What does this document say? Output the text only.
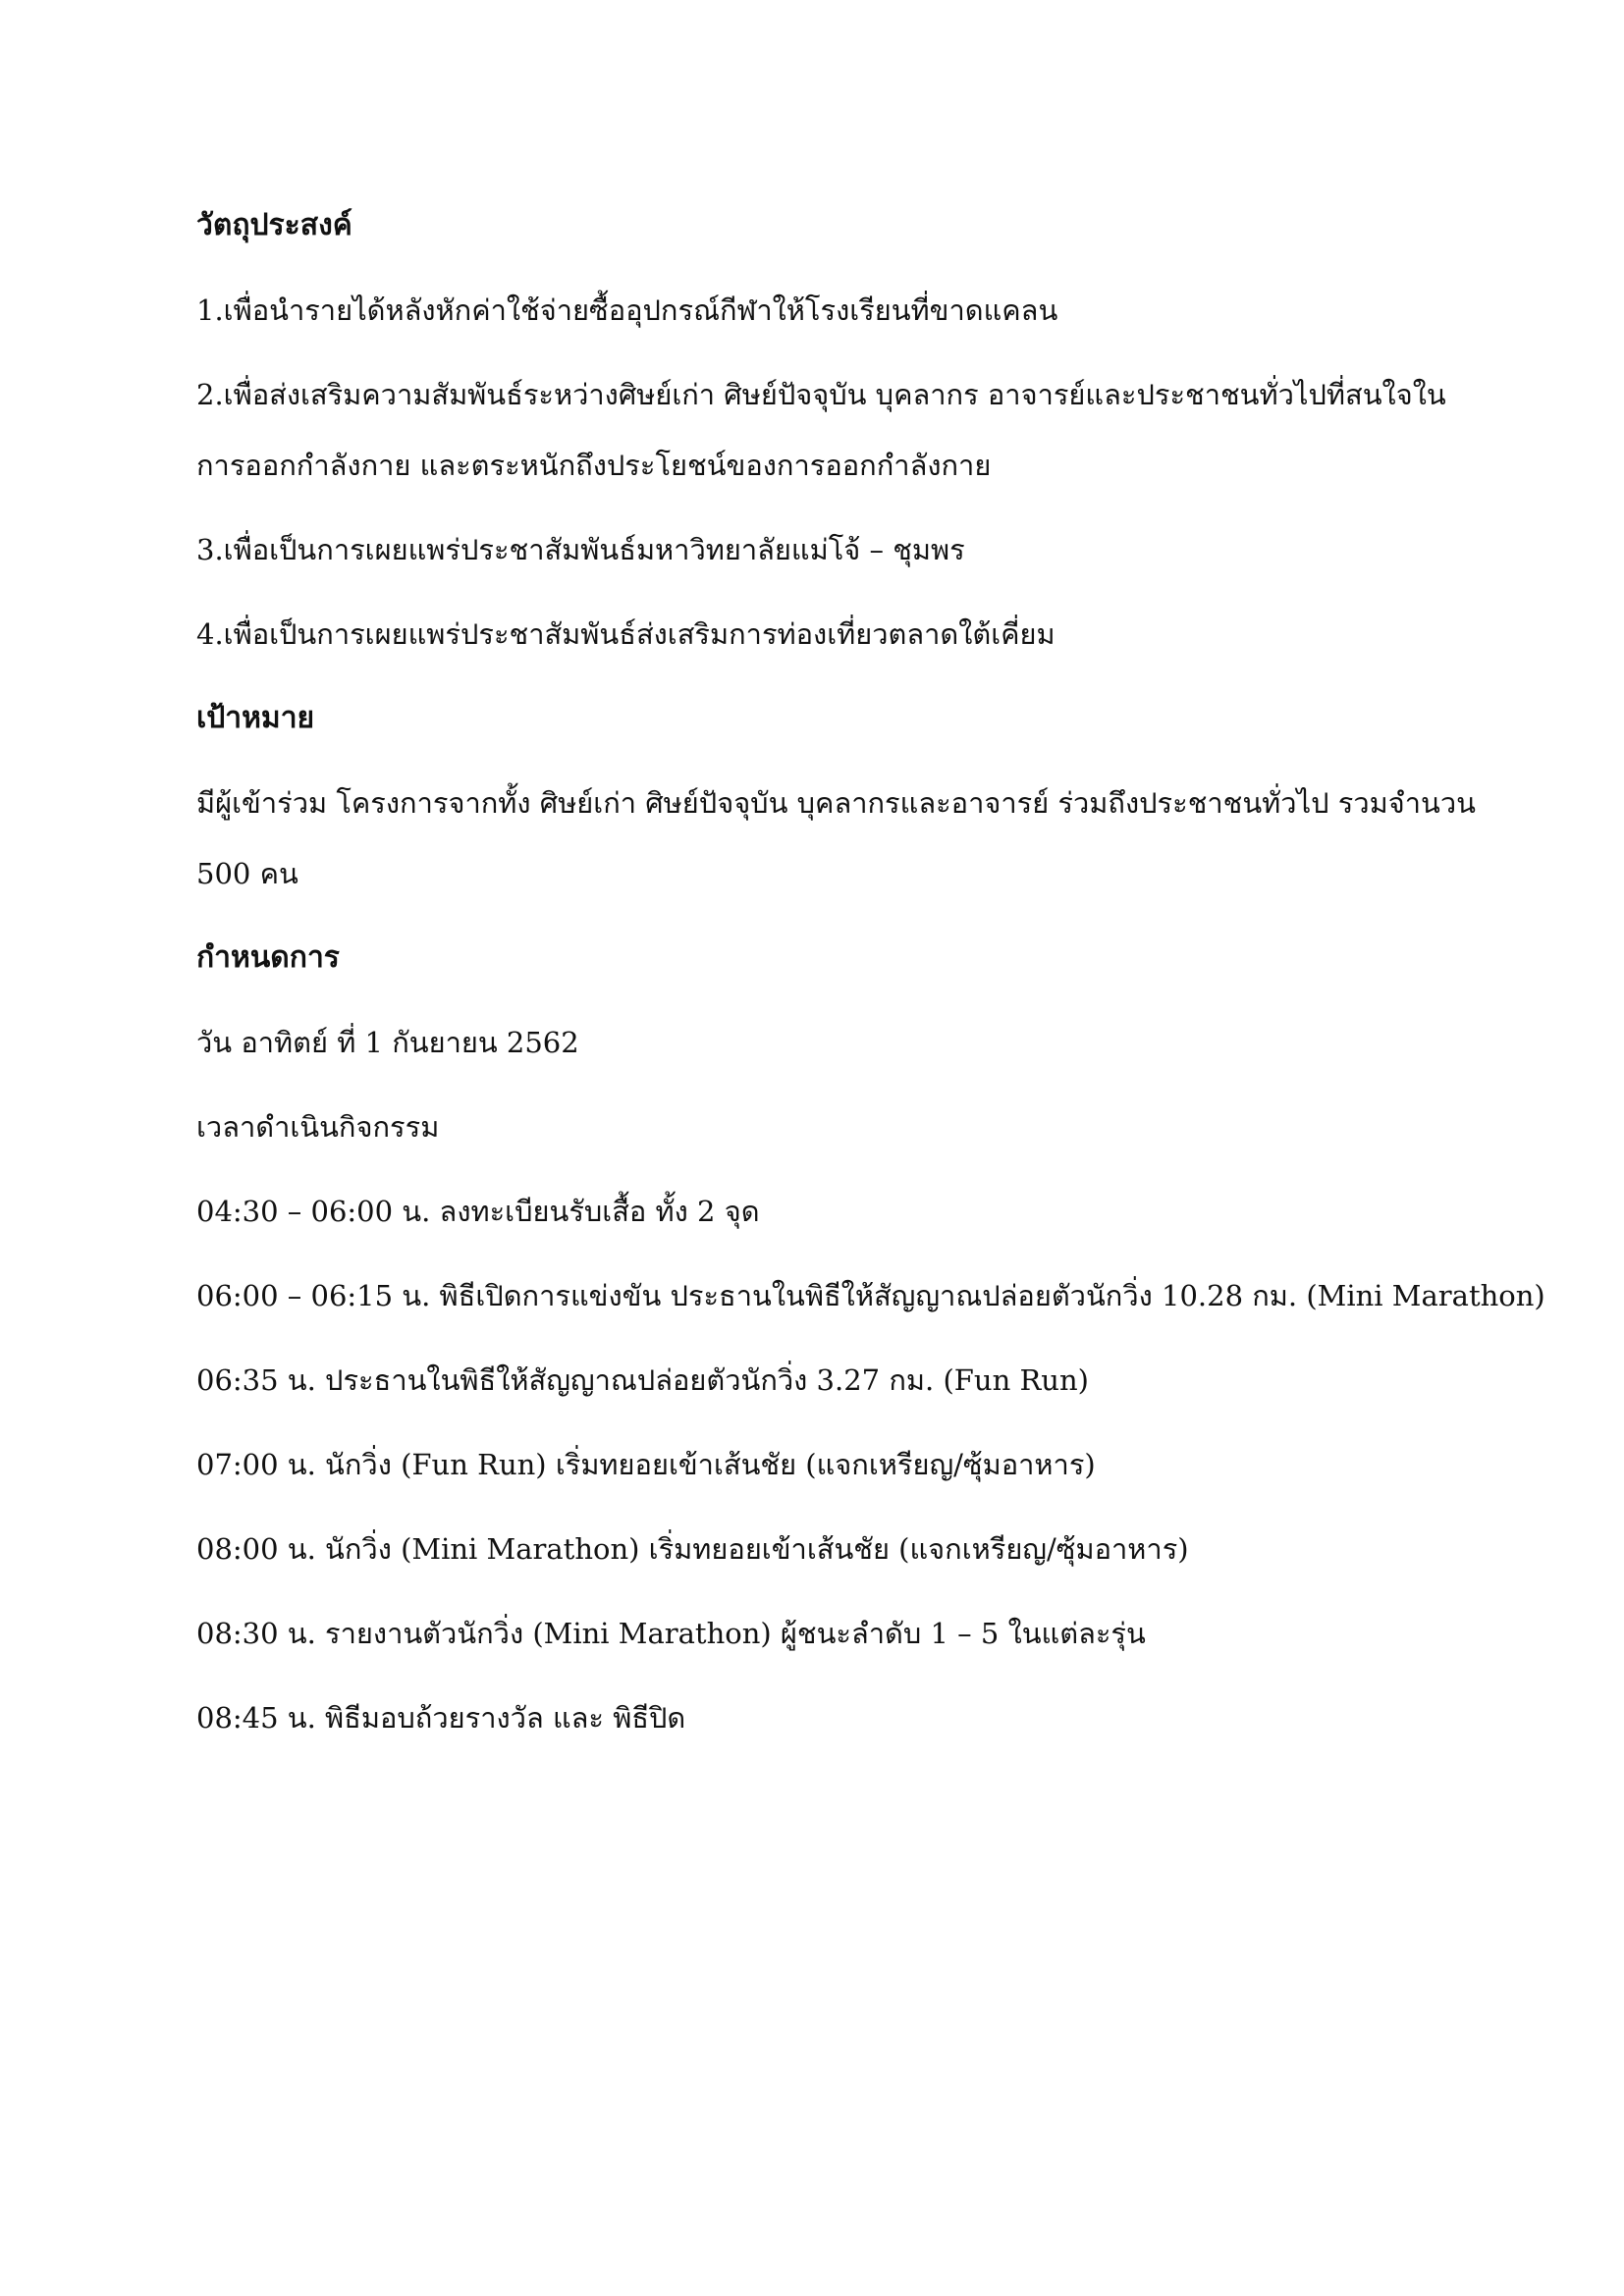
วัตถุประสงค์

1.เพื่อนำรายได้หลังหักค่าใช้จ่ายซื้ออุปกรณ์กีฬาให้โรงเรียนที่ขาดแคลน

2.เพื่อส่งเสริมความสัมพันธ์ระหว่างศิษย์เก่า ศิษย์ปัจจุบัน บุคลากร อาจารย์และประชาชนทั่วไปที่สนใจใน

การออกกำลังกาย และตระหนักถึงประโยชน์ของการออกกำลังกาย

3.เพื่อเป็นการเผยแพร่ประชาสัมพันธ์มหาวิทยาลัยแม่โจ้ – ชุมพร

4.เพื่อเป็นการเผยแพร่ประชาสัมพันธ์ส่งเสริมการท่องเที่ยวตลาดใต้เคี่ยม

เป้าหมาย

มีผู้เข้าร่วม โครงการจากทั้ง ศิษย์เก่า ศิษย์ปัจจุบัน บุคลากรและอาจารย์ ร่วมถึงประชาชนทั่วไป รวมจำนวน

500 คน

กำหนดการ

วัน อาทิตย์ ที่ 1 กันยายน 2562

เวลาดำเนินกิจกรรม

04:30 – 06:00 น. ลงทะเบียนรับเสื้อ ทั้ง 2 จุด

06:00 – 06:15 น. พิธีเปิดการแข่งขัน ประธานในพิธีให้สัญญาณปล่อยตัวนักวิ่ง 10.28 กม. (Mini Marathon)

06:35 น. ประธานในพิธีให้สัญญาณปล่อยตัวนักวิ่ง 3.27 กม. (Fun Run)

07:00 น. นักวิ่ง (Fun Run) เริ่มทยอยเข้าเส้นชัย (แจกเหรียญ/ซุ้มอาหาร)

08:00 น. นักวิ่ง (Mini Marathon) เริ่มทยอยเข้าเส้นชัย (แจกเหรียญ/ซุ้มอาหาร)

08:30 น. รายงานตัวนักวิ่ง (Mini Marathon) ผู้ชนะลำดับ 1 – 5 ในแต่ละรุ่น

08:45 น. พิธีมอบถ้วยรางวัล และ พิธีปิด
